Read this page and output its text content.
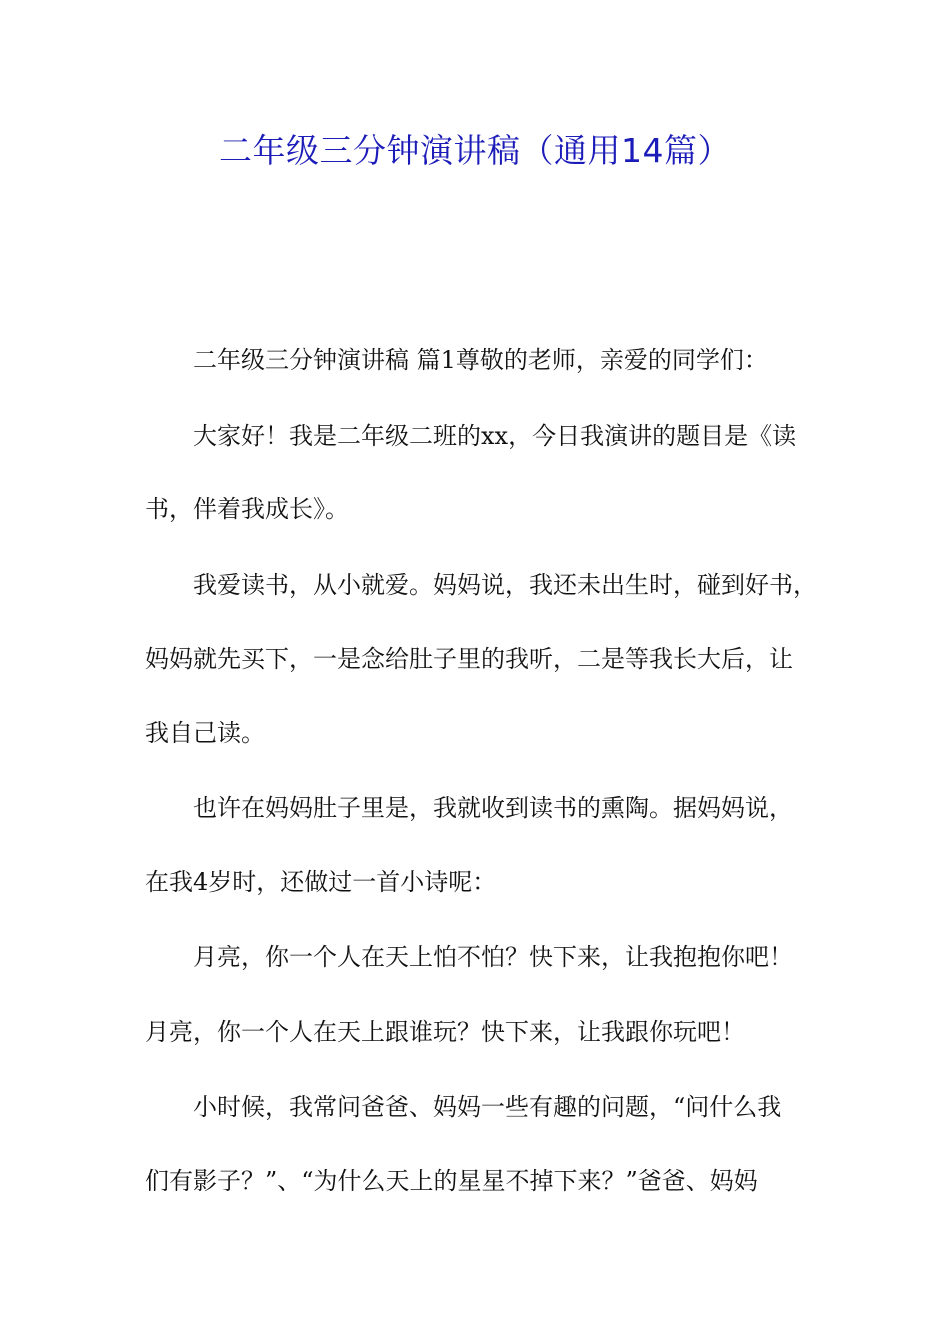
二年级三分钟演讲稿（通用14篇）
二年级三分钟演讲稿 篇1尊敬的老师，亲爱的同学们：
大家好！我是二年级二班的xx，今日我演讲的题目是《读
书，伴着我成长》。
我爱读书，从小就爱。妈妈说，我还未出生时，碰到好书，
妈妈就先买下，一是念给肚子里的我听，二是等我长大后，让
我自己读。
也许在妈妈肚子里是，我就收到读书的熏陶。据妈妈说，
在我4岁时，还做过一首小诗呢：
月亮，你一个人在天上怕不怕？快下来，让我抱抱你吧！
月亮，你一个人在天上跟谁玩？快下来，让我跟你玩吧！
小时候，我常问爸爸、妈妈一些有趣的问题，“问什么我
们有影子？”、“为什么天上的星星不掉下来？”爸爸、妈妈
